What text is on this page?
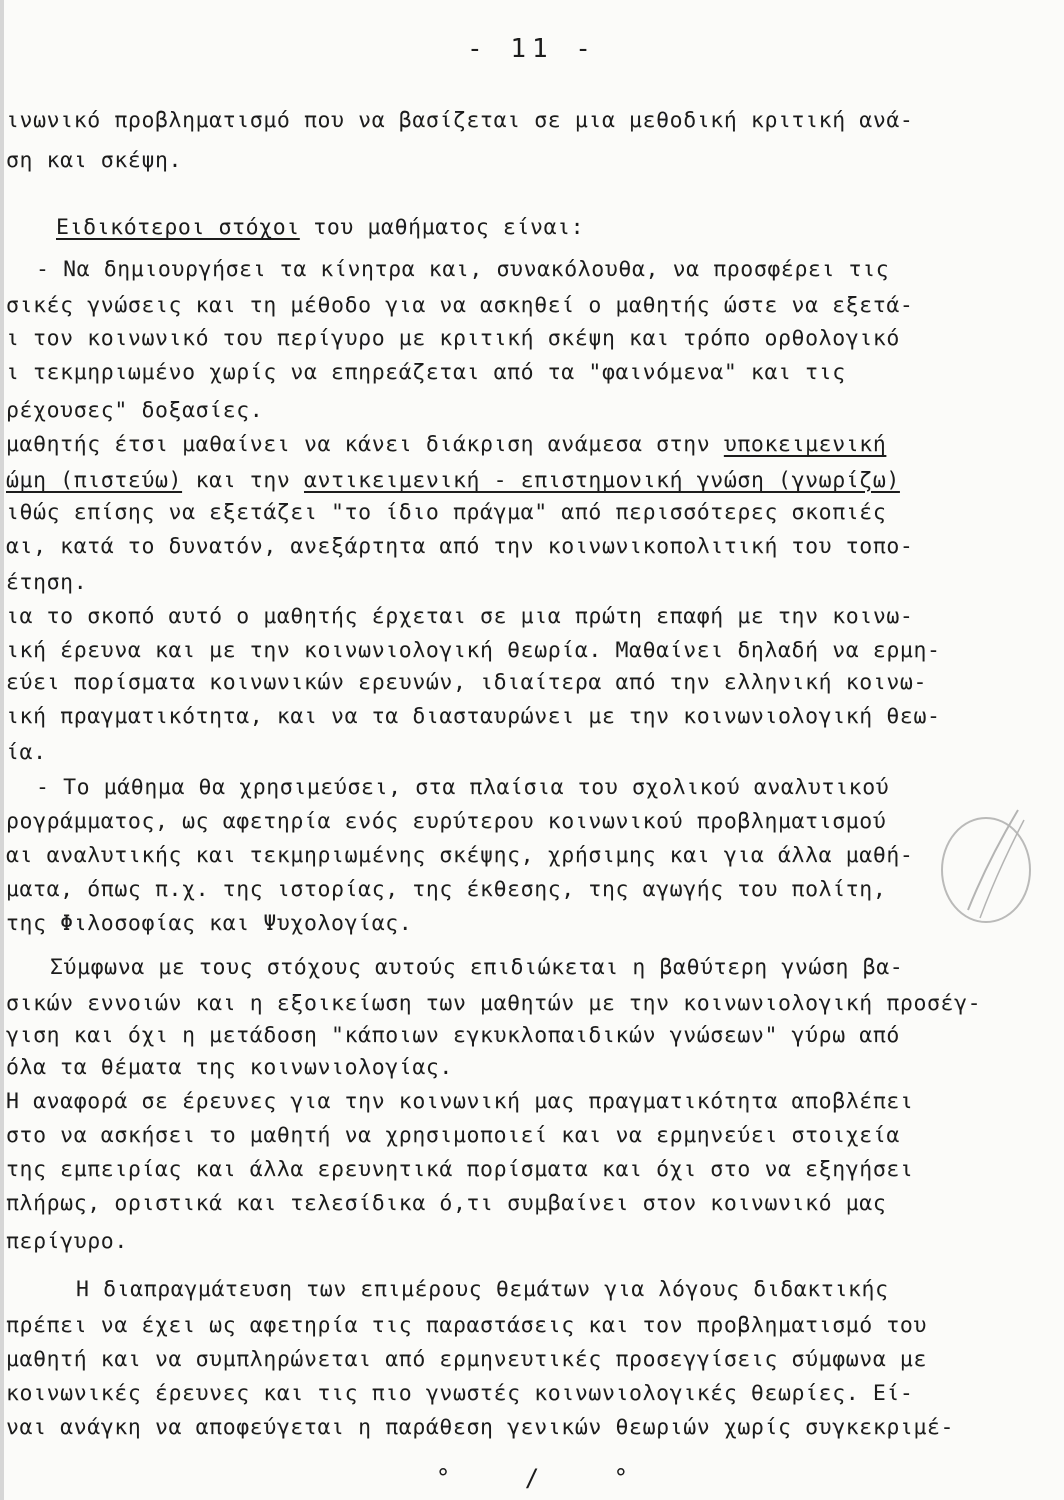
- 11 -
ινωνικό προβληματισμό που να βασίζεται σε μια μεθοδική κριτική ανά-
ση και σκέψη.
Ειδικότεροι στόχοι του μαθήματος είναι:
- Να δημιουργήσει τα κίνητρα και, συνακόλουθα, να προσφέρει τις
σικές γνώσεις και τη μέθοδο για να ασκηθεί ο μαθητής ώστε να εξετά-
ι τον κοινωνικό του περίγυρο με κριτική σκέψη και τρόπο ορθολογικό
ι τεκμηριωμένο χωρίς να επηρεάζεται από τα "φαινόμενα" και τις
ρέχουσες" δοξασίες.
μαθητής έτσι μαθαίνει να κάνει διάκριση ανάμεσα στην υποκειμενική
ώμη (πιστεύω) και την αντικειμενική - επιστημονική γνώση (γνωρίζω)
ιθώς επίσης να εξετάζει "το ίδιο πράγμα" από περισσότερες σκοπιές
αι, κατά το δυνατόν, ανεξάρτητα από την κοινωνικοπολιτική του τοπο-
έτηση.
ια το σκοπό αυτό ο μαθητής έρχεται σε μια πρώτη επαφή με την κοινω-
ική έρευνα και με την κοινωνιολογική θεωρία. Μαθαίνει δηλαδή να ερμη-
εύει πορίσματα κοινωνικών ερευνών, ιδιαίτερα από την ελληνική κοινω-
ική πραγματικότητα, και να τα διασταυρώνει με την κοινωνιολογική θεω-
ία.
- Το μάθημα θα χρησιμεύσει, στα πλαίσια του σχολικού αναλυτικού
ρογράμματος, ως αφετηρία ενός ευρύτερου κοινωνικού προβληματισμού
αι αναλυτικής και τεκμηριωμένης σκέψης, χρήσιμης και για άλλα μαθή-
ματα, όπως π.χ. της ιστορίας, της έκθεσης, της αγωγής του πολίτη,
της Φιλοσοφίας και Ψυχολογίας.
Σύμφωνα με τους στόχους αυτούς επιδιώκεται η βαθύτερη γνώση βα-
σικών εννοιών και η εξοικείωση των μαθητών με την κοινωνιολογική προσέγ-
γιση και όχι η μετάδοση "κάποιων εγκυκλοπαιδικών γνώσεων" γύρω από
όλα τα θέματα της κοινωνιολογίας.
Η αναφορά σε έρευνες για την κοινωνική μας πραγματικότητα αποβλέπει
στο να ασκήσει το μαθητή να χρησιμοποιεί και να ερμηνεύει στοιχεία
της εμπειρίας και άλλα ερευνητικά πορίσματα και όχι στο να εξηγήσει
πλήρως, οριστικά και τελεσίδικα ό,τι συμβαίνει στον κοινωνικό μας
περίγυρο.
Η διαπραγμάτευση των επιμέρους θεμάτων για λόγους διδακτικής
πρέπει να έχει ως αφετηρία τις παραστάσεις και τον προβληματισμό του
μαθητή και να συμπληρώνεται από ερμηνευτικές προσεγγίσεις σύμφωνα με
κοινωνικές έρευνες και τις πιο γνωστές κοινωνιολογικές θεωρίες. Εί-
ναι ανάγκη να αποφεύγεται η παράθεση γενικών θεωριών χωρίς συγκεκριμέ-
° / °
